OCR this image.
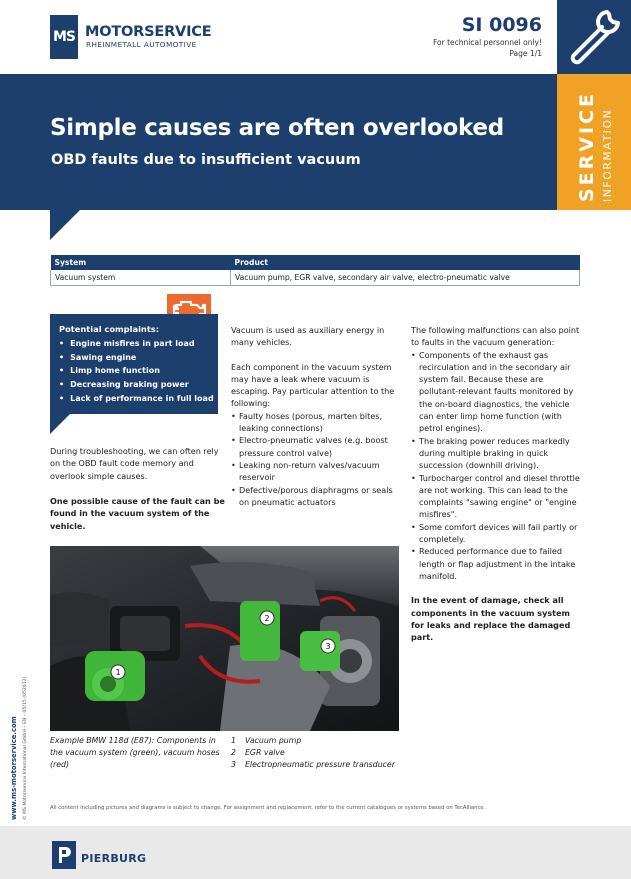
MS MOTORSERVICE
RHEINMETALL AUTOMOTIVE
SI 0096
For technical personnel only!
Page 1/1
Simple causes are often overlooked
OBD faults due to insufficient vacuum	SERVICE INFORMATION
System	Product
Vacuum system	Vacuum pump, EGR valve, secondary air valve, electro-pneumatic valve
Potential complaints:
• Engine misfires in part load
• Sawing engine
• Limp home function
• Decreasing braking power
• Lack of performance in full load

During troubleshooting, we can often rely on the OBD fault code memory and overlook simple causes.

One possible cause of the fault can be found in the vacuum system of the vehicle.

Vacuum is used as auxiliary energy in many vehicles.

Each component in the vacuum system may have a leak where vacuum is escaping. Pay particular attention to the following:

• Faulty hoses (porous, marten bites, leaking connections)
• Electro-pneumatic valves (e.g. boost pressure control valve)
• Leaking non-return valves/vacuum reservoir
• Defective/porous diaphragms or seals on pneumatic actuators

The following malfunctions can also point to faults in the vacuum generation:

• Components of the exhaust gas recirculation and in the secondary air system fail. Because these are pollutant-relevant faults monitored by the on-board diagnostics, the vehicle can enter limp home function (with petrol engines).
• The braking power reduces markedly during multiple braking in quick succession (downhill driving).
• Turbocharger control and diesel throttle are not working. This can lead to the complaints "sawing engine" or "engine misfires".
• Some comfort devices will fail partly or completely.
• Reduced performance due to failed length or flap adjustment in the intake manifold.

In the event of damage, check all components in the vacuum system for leaks and replace the damaged part.

1
2
3

Example BMW 118d (E87): Components in the vacuum system (green), vacuum hoses (red)

1 Vacuum pump
2 EGR valve
3 Electropneumatic pressure transducer
www.ms-motorservice.com © MS Motorservice International GmbH – EN – 05/15 (052012)	All content including pictures and diagrams is subject to change. For assignment and replacement, refer to the current catalogues or systems based on TecAlliance.
PIERBURG
